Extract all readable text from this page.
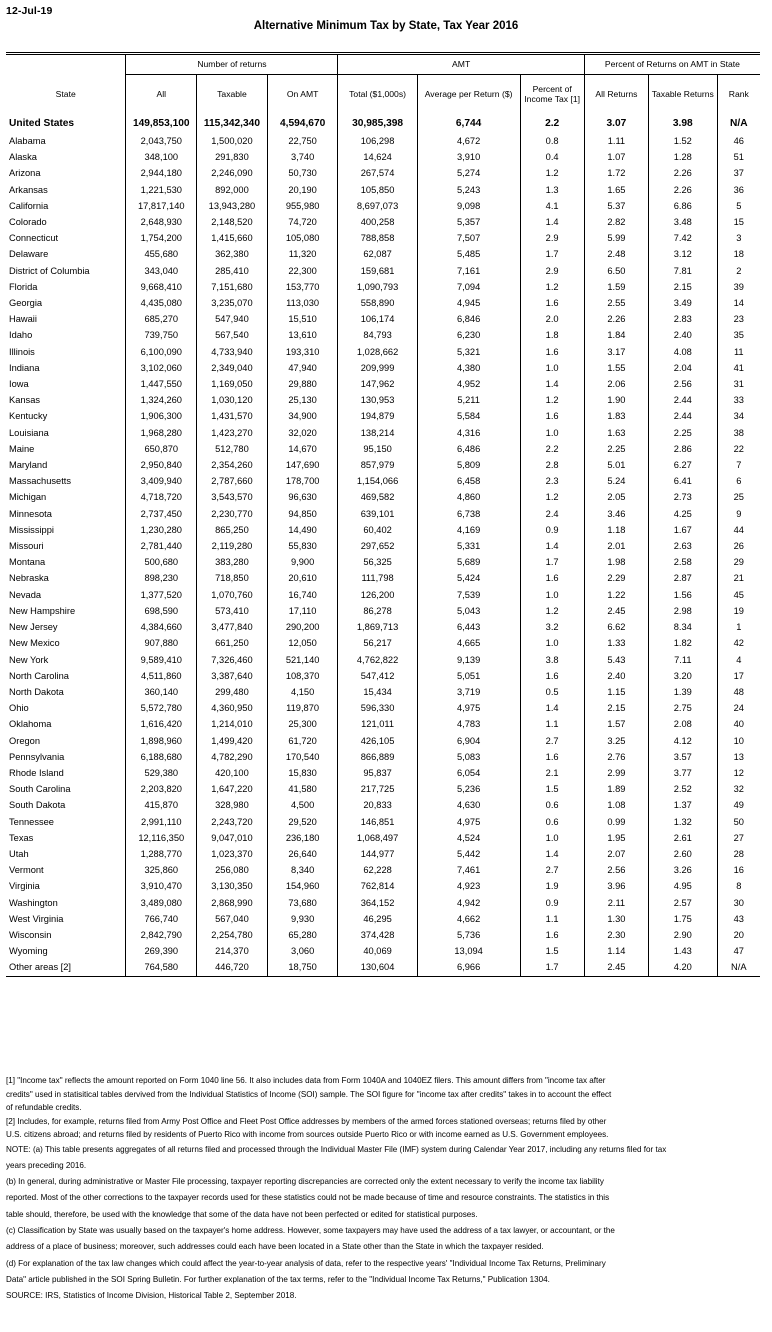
12-Jul-19
Alternative Minimum Tax by State, Tax Year 2016
	Number of returns			AMT			Percent of Returns on AMT in State		
State	All	Taxable	On AMT	Total ($1,000s)	Average per Return ($)	Percent of Income Tax [1]	All Returns	Taxable Returns	Rank
United States	149,853,100	115,342,340	4,594,670	30,985,398	6,744	2.2	3.07	3.98	N/A
Alabama	2,043,750	1,500,020	22,750	106,298	4,672	0.8	1.11	1.52	46
Alaska	348,100	291,830	3,740	14,624	3,910	0.4	1.07	1.28	51
Arizona	2,944,180	2,246,090	50,730	267,574	5,274	1.2	1.72	2.26	37
Arkansas	1,221,530	892,000	20,190	105,850	5,243	1.3	1.65	2.26	36
California	17,817,140	13,943,280	955,980	8,697,073	9,098	4.1	5.37	6.86	5
Colorado	2,648,930	2,148,520	74,720	400,258	5,357	1.4	2.82	3.48	15
Connecticut	1,754,200	1,415,660	105,080	788,858	7,507	2.9	5.99	7.42	3
Delaware	455,680	362,380	11,320	62,087	5,485	1.7	2.48	3.12	18
District of Columbia	343,040	285,410	22,300	159,681	7,161	2.9	6.50	7.81	2
Florida	9,668,410	7,151,680	153,770	1,090,793	7,094	1.2	1.59	2.15	39
Georgia	4,435,080	3,235,070	113,030	558,890	4,945	1.6	2.55	3.49	14
Hawaii	685,270	547,940	15,510	106,174	6,846	2.0	2.26	2.83	23
Idaho	739,750	567,540	13,610	84,793	6,230	1.8	1.84	2.40	35
Illinois	6,100,090	4,733,940	193,310	1,028,662	5,321	1.6	3.17	4.08	11
Indiana	3,102,060	2,349,040	47,940	209,999	4,380	1.0	1.55	2.04	41
Iowa	1,447,550	1,169,050	29,880	147,962	4,952	1.4	2.06	2.56	31
Kansas	1,324,260	1,030,120	25,130	130,953	5,211	1.2	1.90	2.44	33
Kentucky	1,906,300	1,431,570	34,900	194,879	5,584	1.6	1.83	2.44	34
Louisiana	1,968,280	1,423,270	32,020	138,214	4,316	1.0	1.63	2.25	38
Maine	650,870	512,780	14,670	95,150	6,486	2.2	2.25	2.86	22
Maryland	2,950,840	2,354,260	147,690	857,979	5,809	2.8	5.01	6.27	7
Massachusetts	3,409,940	2,787,660	178,700	1,154,066	6,458	2.3	5.24	6.41	6
Michigan	4,718,720	3,543,570	96,630	469,582	4,860	1.2	2.05	2.73	25
Minnesota	2,737,450	2,230,770	94,850	639,101	6,738	2.4	3.46	4.25	9
Mississippi	1,230,280	865,250	14,490	60,402	4,169	0.9	1.18	1.67	44
Missouri	2,781,440	2,119,280	55,830	297,652	5,331	1.4	2.01	2.63	26
Montana	500,680	383,280	9,900	56,325	5,689	1.7	1.98	2.58	29
Nebraska	898,230	718,850	20,610	111,798	5,424	1.6	2.29	2.87	21
Nevada	1,377,520	1,070,760	16,740	126,200	7,539	1.0	1.22	1.56	45
New Hampshire	698,590	573,410	17,110	86,278	5,043	1.2	2.45	2.98	19
New Jersey	4,384,660	3,477,840	290,200	1,869,713	6,443	3.2	6.62	8.34	1
New Mexico	907,880	661,250	12,050	56,217	4,665	1.0	1.33	1.82	42
New York	9,589,410	7,326,460	521,140	4,762,822	9,139	3.8	5.43	7.11	4
North Carolina	4,511,860	3,387,640	108,370	547,412	5,051	1.6	2.40	3.20	17
North Dakota	360,140	299,480	4,150	15,434	3,719	0.5	1.15	1.39	48
Ohio	5,572,780	4,360,950	119,870	596,330	4,975	1.4	2.15	2.75	24
Oklahoma	1,616,420	1,214,010	25,300	121,011	4,783	1.1	1.57	2.08	40
Oregon	1,898,960	1,499,420	61,720	426,105	6,904	2.7	3.25	4.12	10
Pennsylvania	6,188,680	4,782,290	170,540	866,889	5,083	1.6	2.76	3.57	13
Rhode Island	529,380	420,100	15,830	95,837	6,054	2.1	2.99	3.77	12
South Carolina	2,203,820	1,647,220	41,580	217,725	5,236	1.5	1.89	2.52	32
South Dakota	415,870	328,980	4,500	20,833	4,630	0.6	1.08	1.37	49
Tennessee	2,991,110	2,243,720	29,520	146,851	4,975	0.6	0.99	1.32	50
Texas	12,116,350	9,047,010	236,180	1,068,497	4,524	1.0	1.95	2.61	27
Utah	1,288,770	1,023,370	26,640	144,977	5,442	1.4	2.07	2.60	28
Vermont	325,860	256,080	8,340	62,228	7,461	2.7	2.56	3.26	16
Virginia	3,910,470	3,130,350	154,960	762,814	4,923	1.9	3.96	4.95	8
Washington	3,489,080	2,868,990	73,680	364,152	4,942	0.9	2.11	2.57	30
West Virginia	766,740	567,040	9,930	46,295	4,662	1.1	1.30	1.75	43
Wisconsin	2,842,790	2,254,780	65,280	374,428	5,736	1.6	2.30	2.90	20
Wyoming	269,390	214,370	3,060	40,069	13,094	1.5	1.14	1.43	47
Other areas [2]	764,580	446,720	18,750	130,604	6,966	1.7	2.45	4.20	N/A

[1] "Income tax" reflects the amount reported on Form 1040 line 56. It also includes data from Form 1040A and 1040EZ filers. This amount differs from "income tax after

credits" used in statisitical tables dervived from the Individual Statistics of Income (SOI) sample. The SOI figure for "income tax after credits" takes in to account the effect

of refundable credits.

[2] Includes, for example, returns filed from Army Post Office and Fleet Post Office addresses by members of the armed forces stationed overseas; returns filed by other

U.S. citizens abroad; and returns filed by residents of Puerto Rico with income from sources outside Puerto Rico or with income earned as U.S. Government employees.

NOTE: (a) This table presents aggregates of all returns filed and processed through the Individual Master File (IMF) system during Calendar Year 2017, including any returns filed for tax

years preceding 2016.

(b) In general, during administrative or Master File processing, taxpayer reporting discrepancies are corrected only the extent necessary to verify the income tax liability

reported. Most of the other corrections to the taxpayer records used for these statistics could not be made because of time and resource constraints. The statistics in this

table should, therefore, be used with the knowledge that some of the data have not been perfected or edited for statistical purposes.

(c) Classification by State was usually based on the taxpayer's home address. However, some taxpayers may have used the address of a tax lawyer, or accountant, or the

address of a place of business; moreover, such addresses could each have been located in a State other than the State in which the taxpayer resided.

(d) For explanation of the tax law changes which could affect the year-to-year analysis of data, refer to the respective years' "Individual Income Tax Returns, Preliminary

Data" article published in the SOI Spring Bulletin. For further explanation of the tax terms, refer to the "Individual Income Tax Returns," Publication 1304.

SOURCE: IRS, Statistics of Income Division, Historical Table 2, September 2018.
